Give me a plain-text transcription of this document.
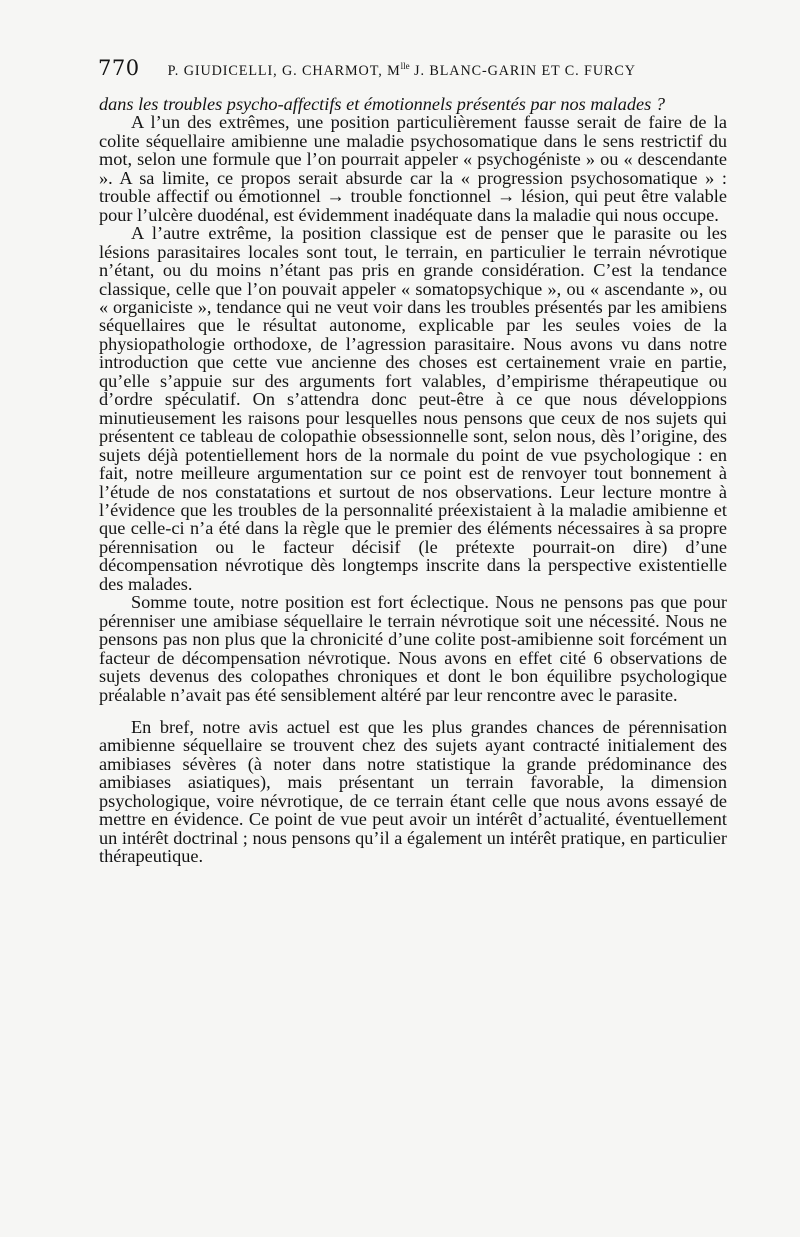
770 P. GIUDICELLI, G. CHARMOT, $M^{lle}$ J. BLANC-GARIN ET C. FURCY

dans les troubles psycho-affectifs et émotionnels présentés par nos malades ?

A l’un des extrêmes, une position particulièrement fausse serait de faire de la colite séquellaire amibienne une maladie psychosomatique dans le sens restrictif du mot, selon une formule que l’on pourrait appeler « psychogéniste » ou « descendante ». A sa limite, ce propos serait absurde car la « progression psychosomatique » : trouble affectif ou émotionnel → trouble fonctionnel → lésion, qui peut être valable pour l’ulcère duodénal, est évidemment inadéquate dans la maladie qui nous occupe.

A l’autre extrême, la position classique est de penser que le parasite ou les lésions parasitaires locales sont tout, le terrain, en particulier le terrain névrotique n’étant, ou du moins n’étant pas pris en grande considération. C’est la tendance classique, celle que l’on pouvait appeler « somatopsychique », ou « ascendante », ou « organiciste », tendance qui ne veut voir dans les troubles présentés par les amibiens séquellaires que le résultat autonome, explicable par les seules voies de la physiopathologie orthodoxe, de l’agression parasitaire. Nous avons vu dans notre introduction que cette vue ancienne des choses est certainement vraie en partie, qu’elle s’appuie sur des arguments fort valables, d’empirisme thérapeutique ou d’ordre spéculatif. On s’attendra donc peut-être à ce que nous développions minutieusement les raisons pour lesquelles nous pensons que ceux de nos sujets qui présentent ce tableau de colopathie obsessionnelle sont, selon nous, dès l’origine, des sujets déjà potentiellement hors de la normale du point de vue psychologique : en fait, notre meilleure argumentation sur ce point est de renvoyer tout bonnement à l’étude de nos constatations et surtout de nos observations. Leur lecture montre à l’évidence que les troubles de la personnalité préexistaient à la maladie amibienne et que celle-ci n’a été dans la règle que le premier des éléments nécessaires à sa propre pérennisation ou le facteur décisif (le prétexte pourrait-on dire) d’une décompensation névrotique dès longtemps inscrite dans la perspective existentielle des malades.

Somme toute, notre position est fort éclectique. Nous ne pensons pas que pour pérenniser une amibiase séquellaire le terrain névrotique soit une nécessité. Nous ne pensons pas non plus que la chronicité d’une colite post-amibienne soit forcément un facteur de décompensation névrotique. Nous avons en effet cité 6 observations de sujets devenus des colopathes chroniques et dont le bon équilibre psychologique préalable n’avait pas été sensiblement altéré par leur rencontre avec le parasite.

En bref, notre avis actuel est que les plus grandes chances de pérennisation amibienne séquellaire se trouvent chez des sujets ayant contracté initialement des amibiases sévères (à noter dans notre statistique la grande prédominance des amibiases asiatiques), mais présentant un terrain favorable, la dimension psychologique, voire névrotique, de ce terrain étant celle que nous avons essayé de mettre en évidence. Ce point de vue peut avoir un intérêt d’actualité, éventuellement un intérêt doctrinal ; nous pensons qu’il a également un intérêt pratique, en particulier thérapeutique.
